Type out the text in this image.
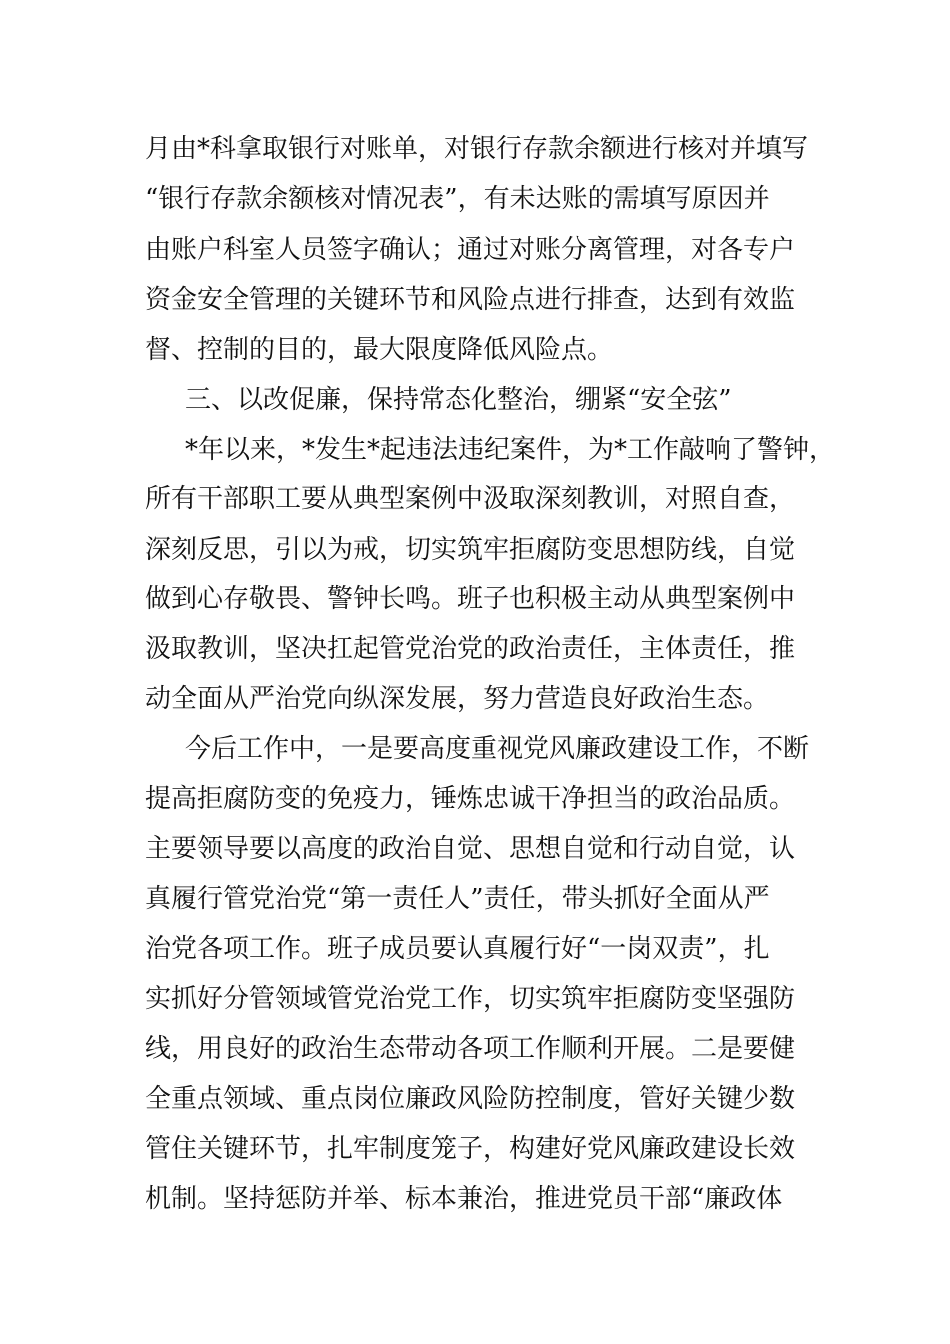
月由*科拿取银行对账单，对银行存款余额进行核对并填写

“银行存款余额核对情况表”，有未达账的需填写原因并

由账户科室人员签字确认；通过对账分离管理，对各专户

资金安全管理的关键环节和风险点进行排查，达到有效监

督、控制的目的，最大限度降低风险点。

三、以改促廉，保持常态化整治，绷紧“安全弦”

*年以来，*发生*起违法违纪案件，为*工作敲响了警钟，

所有干部职工要从典型案例中汲取深刻教训，对照自查，

深刻反思，引以为戒，切实筑牢拒腐防变思想防线，自觉

做到心存敬畏、警钟长鸣。班子也积极主动从典型案例中

汲取教训，坚决扛起管党治党的政治责任，主体责任，推

动全面从严治党向纵深发展，努力营造良好政治生态。

今后工作中，一是要高度重视党风廉政建设工作，不断

提高拒腐防变的免疫力，锤炼忠诚干净担当的政治品质。

主要领导要以高度的政治自觉、思想自觉和行动自觉，认

真履行管党治党“第一责任人”责任，带头抓好全面从严

治党各项工作。班子成员要认真履行好“一岗双责”，扎

实抓好分管领域管党治党工作，切实筑牢拒腐防变坚强防

线，用良好的政治生态带动各项工作顺利开展。二是要健

全重点领域、重点岗位廉政风险防控制度，管好关键少数

管住关键环节，扎牢制度笼子，构建好党风廉政建设长效

机制。坚持惩防并举、标本兼治，推进党员干部“廉政体
